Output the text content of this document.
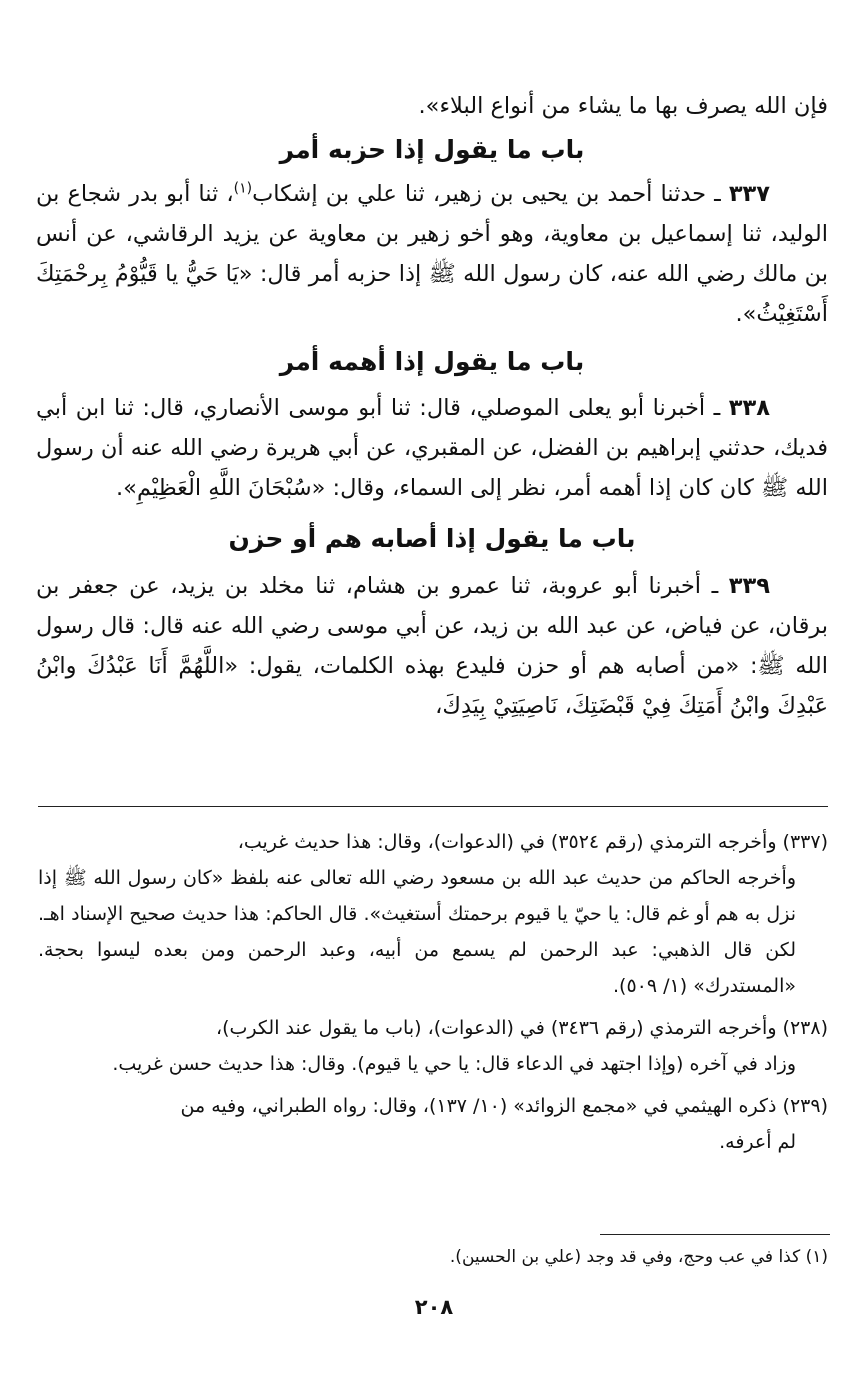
فإن الله يصرف بها ما يشاء من أنواع البلاء».

باب ما يقول إذا حزبه أمر

٣٣٧ ـ حدثنا أحمد بن يحيى بن زهير، ثنا علي بن إشكاب$^{(١)}$، ثنا أبو بدر شجاع بن الوليد، ثنا إسماعيل بن معاوية، وهو أخو زهير بن معاوية عن يزيد الرقاشي، عن أنس بن مالك رضي الله عنه، كان رسول الله ﷺ إذا حزبه أمر قال: «يَا حَيُّ يا قَيُّوْمُ بِرحْمَتِكَ أَسْتَغِيْثُ».

باب ما يقول إذا أهمه أمر

٣٣٨ ـ أخبرنا أبو يعلى الموصلي، قال: ثنا أبو موسى الأنصاري، قال: ثنا ابن أبي فديك، حدثني إبراهيم بن الفضل، عن المقبري، عن أبي هريرة رضي الله عنه أن رسول الله ﷺ كان كان إذا أهمه أمر، نظر إلى السماء، وقال: «سُبْحَانَ اللَّهِ الْعَظِيْمِ».

باب ما يقول إذا أصابه هم أو حزن

٣٣٩ ـ أخبرنا أبو عروبة، ثنا عمرو بن هشام، ثنا مخلد بن يزيد، عن جعفر بن برقان، عن فياض، عن عبد الله بن زيد، عن أبي موسى رضي الله عنه قال: قال رسول الله ﷺ: «من أصابه هم أو حزن فليدع بهذه الكلمات، يقول: «اللَّهُمَّ أَنَا عَبْدُكَ وابْنُ عَبْدِكَ وابْنُ أَمَتِكَ فِيْ قَبْضَتِكَ، نَاصِيَتِيْ بِيَدِكَ،

(٣٣٧) وأخرجه الترمذي (رقم ٣٥٢٤) في (الدعوات)، وقال: هذا حديث غريب،
وأخرجه الحاكم من حديث عبد الله بن مسعود رضي الله تعالى عنه بلفظ «كان رسول الله ﷺ إذا نزل به هم أو غم قال: يا حيّ يا قيوم برحمتك أستغيث». قال الحاكم: هذا حديث صحيح الإسناد اهـ. لكن قال الذهبي: عبد الرحمن لم يسمع من أبيه، وعبد الرحمن ومن بعده ليسوا بحجة. «المستدرك» (١/ ٥٠٩).

(٢٣٨) وأخرجه الترمذي (رقم ٣٤٣٦) في (الدعوات)، (باب ما يقول عند الكرب)،
وزاد في آخره (وإذا اجتهد في الدعاء قال: يا حي يا قيوم). وقال: هذا حديث حسن غريب.

(٢٣٩) ذكره الهيثمي في «مجمع الزوائد» (١٠/ ١٣٧)، وقال: رواه الطبراني، وفيه من
لم أعرفه.

(١) كذا في عب وحج، وفي قد وجد (علي بن الحسين).
٢٠٨
